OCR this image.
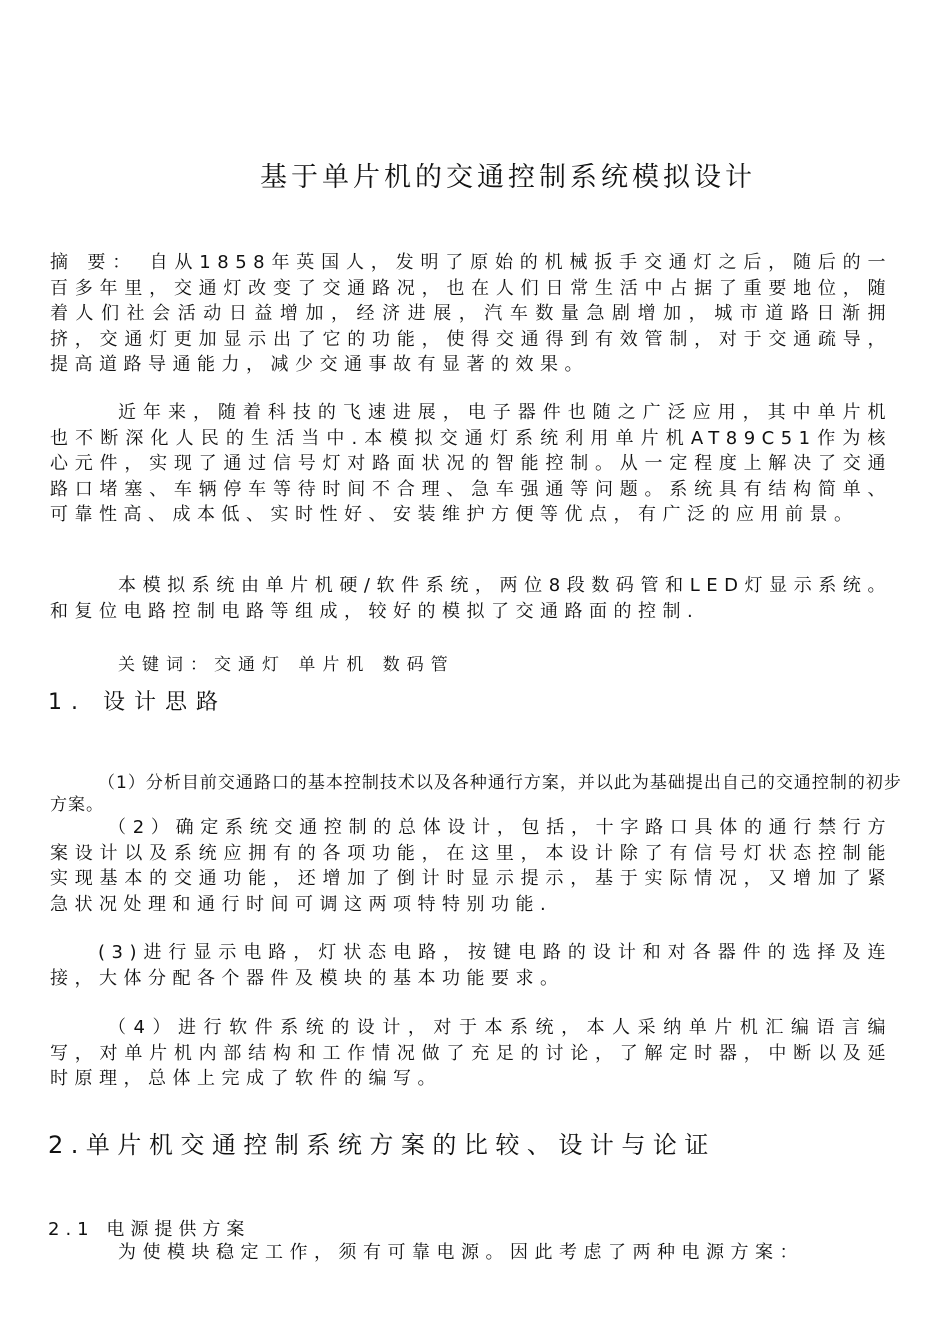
基于单片机的交通控制系统模拟设计
摘 要： 自从1858年英国人，发明了原始的机械扳手交通灯之后，随后的一百多年里，交通灯改变了交通路况，也在人们日常生活中占据了重要地位，随着人们社会活动日益增加，经济进展，汽车数量急剧增加，城市道路日渐拥挤，交通灯更加显示出了它的功能，使得交通得到有效管制，对于交通疏导，提高道路导通能力，减少交通事故有显著的效果。
近年来，随着科技的飞速进展，电子器件也随之广泛应用，其中单片机也不断深化人民的生活当中.本模拟交通灯系统利用单片机AT89C51作为核心元件，实现了通过信号灯对路面状况的智能控制。从一定程度上解决了交通路口堵塞、车辆停车等待时间不合理、急车强通等问题。系统具有结构简单、可靠性高、成本低、实时性好、安装维护方便等优点，有广泛的应用前景。
本模拟系统由单片机硬/软件系统，两位8段数码管和LED灯显示系统。和复位电路控制电路等组成，较好的模拟了交通路面的控制.
关键词：交通灯 单片机 数码管
1. 设计思路
（1）分析目前交通路口的基本控制技术以及各种通行方案，并以此为基础提出自己的交通控制的初步方案。
（2）确定系统交通控制的总体设计，包括，十字路口具体的通行禁行方案设计以及系统应拥有的各项功能，在这里，本设计除了有信号灯状态控制能实现基本的交通功能，还增加了倒计时显示提示，基于实际情况，又增加了紧急状况处理和通行时间可调这两项特特别功能.
(3)进行显示电路，灯状态电路，按键电路的设计和对各器件的选择及连接，大体分配各个器件及模块的基本功能要求。
（4）进行软件系统的设计，对于本系统，本人采纳单片机汇编语言编写，对单片机内部结构和工作情况做了充足的讨论，了解定时器，中断以及延时原理，总体上完成了软件的编写。
2.单片机交通控制系统方案的比较、设计与论证
2.1 电源提供方案
为使模块稳定工作，须有可靠电源。因此考虑了两种电源方案：
